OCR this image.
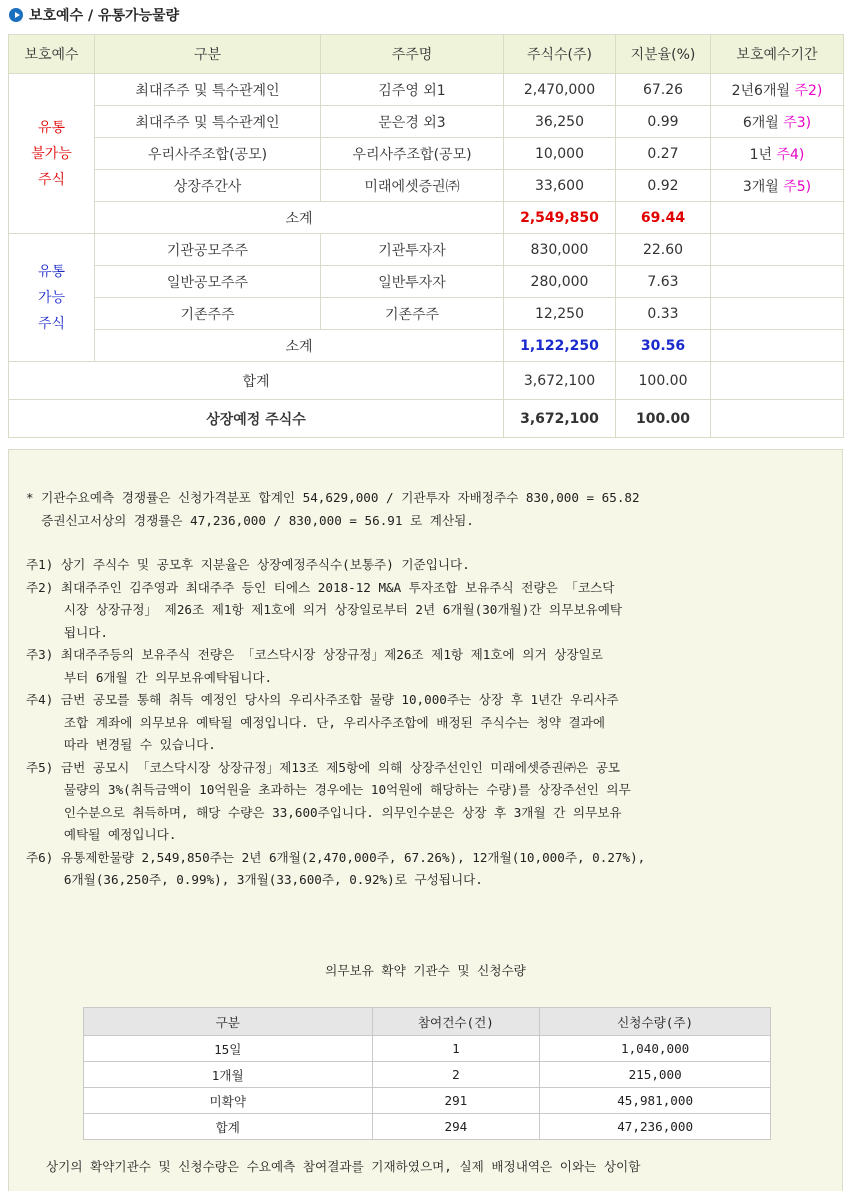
보호예수 / 유통가능물량
보호예수	구분	주주명	주식수(주)	지분율(%)	보호예수기간

유통
불가능
주식	최대주주 및 특수관계인	김주영 외1	2,470,000	67.26	2년6개월 주2)
	최대주주 및 특수관계인	문은경 외3	36,250	0.99	6개월 주3)
	우리사주조합(공모)	우리사주조합(공모)	10,000	0.27	1년 주4)
	상장주간사	미래에셋증권㈜	33,600	0.92	3개월 주5)
	소계		2,549,850	69.44	

유통
가능
주식	기관공모주주	기관투자자	830,000	22.60	
	일반공모주주	일반투자자	280,000	7.63	
	기존주주	기존주주	12,250	0.33	
	소계		1,122,250	30.56	
합계			3,672,100	100.00	
상장예정 주식수			3,672,100	100.00	

* 기관수요예측 경쟁률은 신청가격분포 합계인 54,629,000 / 기관투자 자배정주수 830,000 = 65.82

증권신고서상의 경쟁률은 47,236,000 / 830,000 = 56.91 로 계산됨.

주1) 상기 주식수 및 공모후 지분율은 상장예정주식수(보통주) 기준입니다.

주2) 최대주주인 김주영과 최대주주 등인 티에스 2018-12 M&A 투자조합 보유주식 전량은 「코스닥

시장 상장규정」 제26조 제1항 제1호에 의거 상장일로부터 2년 6개월(30개월)간 의무보유예탁

됩니다.

주3) 최대주주등의 보유주식 전량은 「코스닥시장 상장규정」제26조 제1항 제1호에 의거 상장일로

부터 6개월 간 의무보유예탁됩니다.

주4) 금번 공모를 통해 취득 예정인 당사의 우리사주조합 물량 10,000주는 상장 후 1년간 우리사주

조합 계좌에 의무보유 예탁될 예정입니다. 단, 우리사주조합에 배정된 주식수는 청약 결과에

따라 변경될 수 있습니다.

주5) 금번 공모시 「코스닥시장 상장규정」제13조 제5항에 의해 상장주선인인 미래에셋증권㈜은 공모

물량의 3%(취득금액이 10억원을 초과하는 경우에는 10억원에 해당하는 수량)를 상장주선인 의무

인수분으로 취득하며, 해당 수량은 33,600주입니다. 의무인수분은 상장 후 3개월 간 의무보유

예탁될 예정입니다.

주6) 유통제한물량 2,549,850주는 2년 6개월(2,470,000주, 67.26%), 12개월(10,000주, 0.27%),

6개월(36,250주, 0.99%), 3개월(33,600주, 0.92%)로 구성됩니다.

의무보유 확약 기관수 및 신청수량
구분	참여건수(건)	신청수량(주)
15일	1	1,040,000
1개월	2	215,000
미확약	291	45,981,000
합계	294	47,236,000
상기의 확약기관수 및 신청수량은 수요예측 참여결과를 기재하였으며, 실제 배정내역은 이와는 상이함
